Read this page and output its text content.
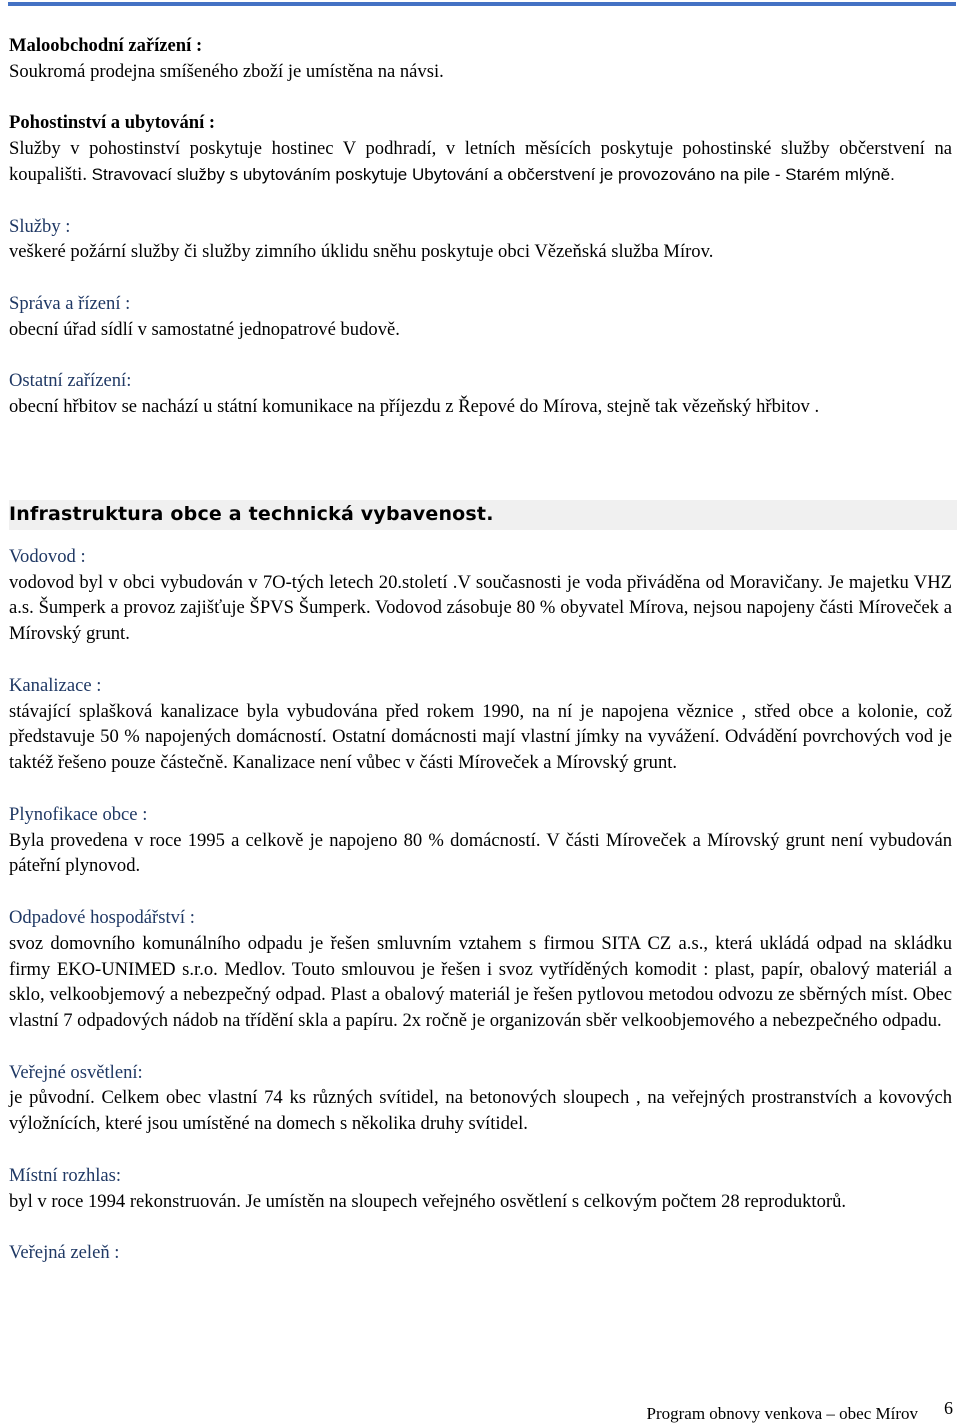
Maloobchodní zařízení :
Soukromá prodejna smíšeného zboží je umístěna na návsi.
Pohostinství a ubytování :
Služby v pohostinství poskytuje hostinec V podhradí, v letních měsících poskytuje pohostinské služby občerstvení na koupališti. Stravovací služby s ubytováním poskytuje Ubytování a občerstvení je provozováno na pile - Starém mlýně.
Služby :
veškeré požární služby či služby zimního úklidu sněhu poskytuje obci Vězeňská služba Mírov.
Správa a řízení :
obecní úřad sídlí v samostatné jednopatrové budově.
Ostatní zařízení:
obecní hřbitov se nachází u státní komunikace na příjezdu z Řepové do Mírova, stejně tak vězeňský hřbitov .
Infrastruktura obce a technická vybavenost.
Vodovod :
vodovod byl v obci vybudován v 7O-tých letech 20.století .V současnosti je voda přiváděna od Moravičany. Je majetku VHZ a.s. Šumperk a provoz zajišťuje ŠPVS Šumperk. Vodovod zásobuje 80 % obyvatel Mírova, nejsou napojeny části Míroveček a Mírovský grunt.
Kanalizace :
stávající splašková kanalizace byla vybudována před rokem 1990, na ní je napojena věznice , střed obce a kolonie, což představuje 50 % napojených domácností. Ostatní domácnosti mají vlastní jímky na vyvážení. Odvádění povrchových vod je taktéž řešeno pouze částečně. Kanalizace není vůbec v části Míroveček a Mírovský grunt.
Plynofikace obce :
Byla provedena v roce 1995 a celkově je napojeno 80 % domácností. V části Míroveček a Mírovský grunt není vybudován páteřní plynovod.
Odpadové hospodářství :
svoz domovního komunálního odpadu je řešen smluvním vztahem s firmou SITA CZ a.s., která ukládá odpad na skládku firmy EKO-UNIMED s.r.o. Medlov. Touto smlouvou je řešen i svoz vytříděných komodit : plast, papír, obalový materiál a sklo, velkoobjemový a nebezpečný odpad. Plast a obalový materiál je řešen pytlovou metodou odvozu ze sběrných míst. Obec vlastní 7 odpadových nádob na třídění skla a papíru. 2x ročně je organizován sběr velkoobjemového a nebezpečného odpadu.
Veřejné osvětlení:
je původní. Celkem obec vlastní 74 ks různých svítidel, na betonových sloupech , na veřejných prostranstvích a kovových výložnících, které jsou umístěné na domech s několika druhy svítidel.
Místní rozhlas:
byl v roce 1994 rekonstruován. Je umístěn na sloupech veřejného osvětlení s celkovým počtem 28 reproduktorů.
Veřejná zeleň :
Program obnovy venkova – obec Mírov 6
